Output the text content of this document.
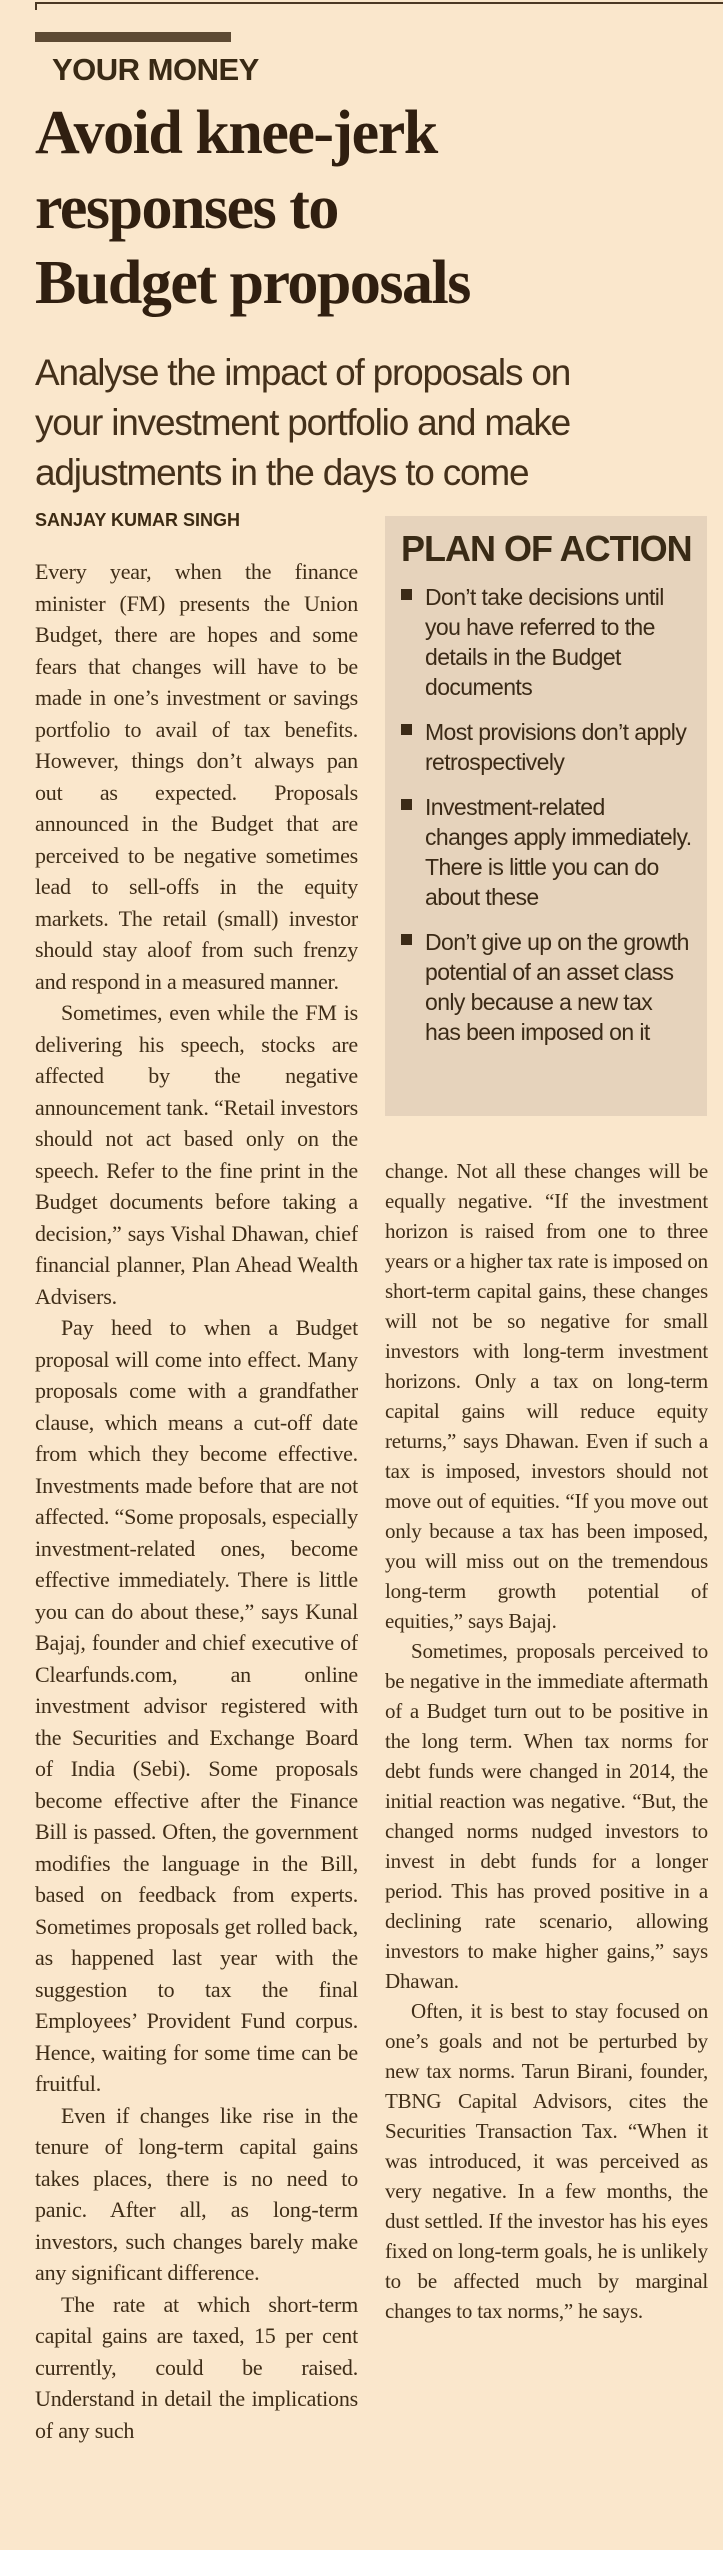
YOUR MONEY
Avoid knee-jerk
responses to
Budget proposals
Analyse the impact of proposals on
your investment portfolio and make
adjustments in the days to come
SANJAY KUMAR SINGH
PLAN OF ACTION
Don’t take decisions until you have referred to the details in the Budget documents
Most provisions don’t apply retrospectively
Investment-related changes apply immediately. There is little you can do about these
Don’t give up on the growth potential of an asset class only because a new tax has been imposed on it

Every year, when the finance minister (FM) presents the Union Budget, there are hopes and some fears that changes will have to be made in one’s investment or savings portfolio to avail of tax benefits. However, things don’t always pan out as expected. Proposals announced in the Budget that are perceived to be negative sometimes lead to sell-offs in the equity markets. The retail (small) investor should stay aloof from such frenzy and respond in a measured manner.

Sometimes, even while the FM is delivering his speech, stocks are affected by the negative announcement tank. “Retail investors should not act based only on the speech. Refer to the fine print in the Budget documents before taking a decision,” says Vishal Dhawan, chief financial planner, Plan Ahead Wealth Advisers.

Pay heed to when a Budget proposal will come into effect. Many proposals come with a grandfather clause, which means a cut-off date from which they become effective. Investments made before that are not affected. “Some proposals, especially investment-related ones, become effective immediately. There is little you can do about these,” says Kunal Bajaj, founder and chief executive of Clearfunds.com, an online investment advisor registered with the Securities and Exchange Board of India (Sebi). Some proposals become effective after the Finance Bill is passed. Often, the government modifies the language in the Bill, based on feedback from experts. Sometimes proposals get rolled back, as happened last year with the suggestion to tax the final Employees’ Provident Fund corpus. Hence, waiting for some time can be fruitful.

Even if changes like rise in the tenure of long-term capital gains takes places, there is no need to panic. After all, as long-term investors, such changes barely make any significant difference.

The rate at which short-term capital gains are taxed, 15 per cent currently, could be raised. Understand in detail the implications of any such

change. Not all these changes will be equally negative. “If the investment horizon is raised from one to three years or a higher tax rate is imposed on short-term capital gains, these changes will not be so negative for small investors with long-term investment horizons. Only a tax on long-term capital gains will reduce equity returns,” says Dhawan. Even if such a tax is imposed, investors should not move out of equities. “If you move out only because a tax has been imposed, you will miss out on the tremendous long-term growth potential of equities,” says Bajaj.

Sometimes, proposals perceived to be negative in the immediate aftermath of a Budget turn out to be positive in the long term. When tax norms for debt funds were changed in 2014, the initial reaction was negative. “But, the changed norms nudged investors to invest in debt funds for a longer period. This has proved positive in a declining rate scenario, allowing investors to make higher gains,” says Dhawan.

Often, it is best to stay focused on one’s goals and not be perturbed by new tax norms. Tarun Birani, founder, TBNG Capital Advisors, cites the Securities Transaction Tax. “When it was introduced, it was perceived as very negative. In a few months, the dust settled. If the investor has his eyes fixed on long-term goals, he is unlikely to be affected much by marginal changes to tax norms,” he says.
